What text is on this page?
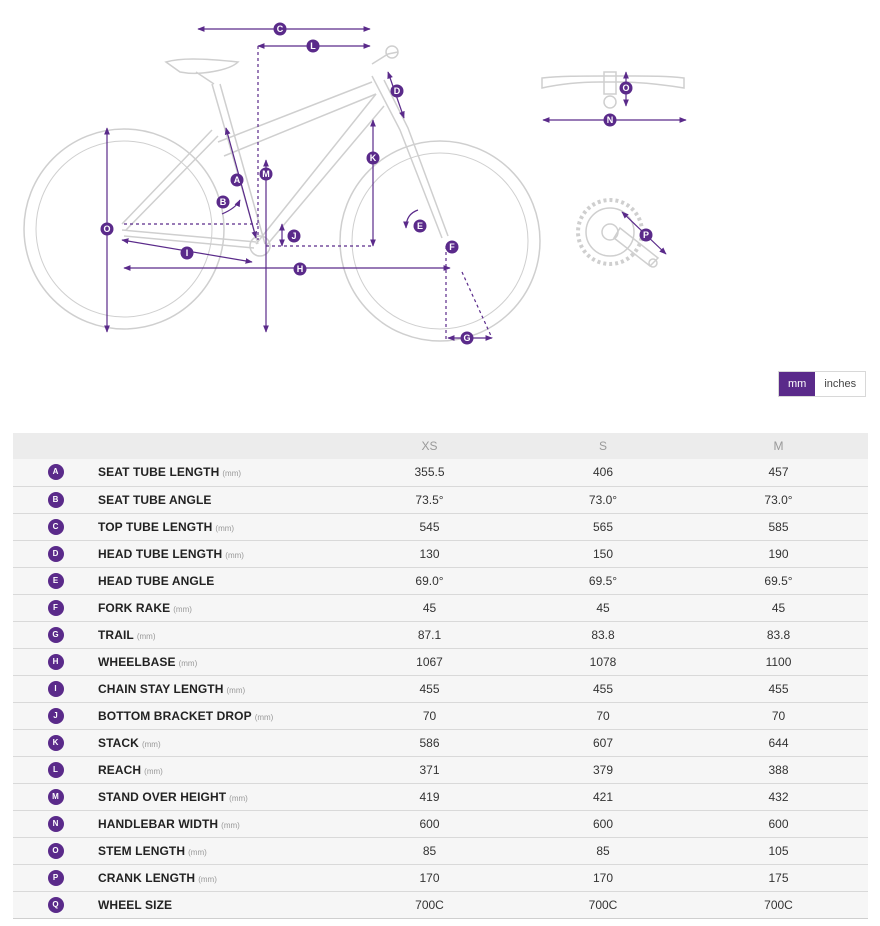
A
B
C
D
E
F
G
H
I
J
K
L
M
N
O
O
P
mm	inches
		XS	S	M
A	SEAT TUBE LENGTH (mm)	355.5	406	457
B	SEAT TUBE ANGLE	73.5°	73.0°	73.0°
C	TOP TUBE LENGTH (mm)	545	565	585
D	HEAD TUBE LENGTH (mm)	130	150	190
E	HEAD TUBE ANGLE	69.0°	69.5°	69.5°
F	FORK RAKE (mm)	45	45	45
G	TRAIL (mm)	87.1	83.8	83.8
H	WHEELBASE (mm)	1067	1078	1100
I	CHAIN STAY LENGTH (mm)	455	455	455
J	BOTTOM BRACKET DROP (mm)	70	70	70
K	STACK (mm)	586	607	644
L	REACH (mm)	371	379	388
M	STAND OVER HEIGHT (mm)	419	421	432
N	HANDLEBAR WIDTH (mm)	600	600	600
O	STEM LENGTH (mm)	85	85	105
P	CRANK LENGTH (mm)	170	170	175
Q	WHEEL SIZE	700C	700C	700C
